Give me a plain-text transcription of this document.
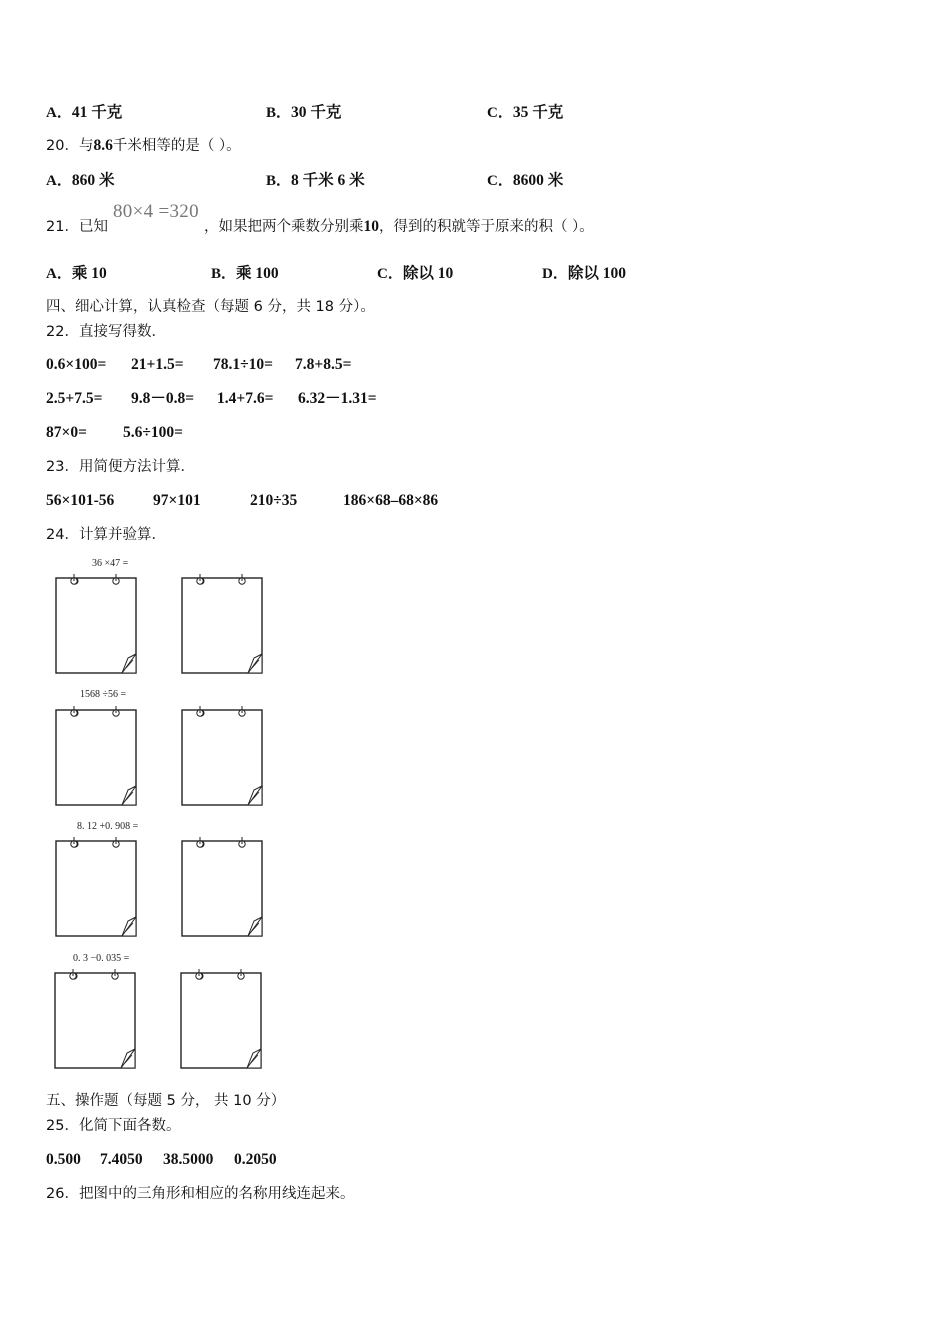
A．41 千克	B．30 千克	C．35 千克
20．与8.6千米相等的是（ ）。
A．860 米	B．8 千米 6 米	C．8600 米
80×4 =320
21．已知	，如果把两个乘数分别乘10，得到的积就等于原来的积（ ）。
A．乘 10	B．乘 100	C．除以 10	D．除以 100
四、细心计算，认真检查（每题 6 分，共 18 分）。
22．直接写得数．
0.6×100= 21+1.5= 78.1÷10= 7.8+8.5=
2.5+7.5= 9.8－0.8= 1.4+7.6= 6.32－1.31=
87×0= 5.6÷100=
23．用简便方法计算．
56×101-56	97×101	210÷35	186×68–68×86
24．计算并验算．
36 ×47 =
1568 ÷56 =
8. 12 +0. 908 =
0. 3 −0. 035 =
五、操作题（每题 5 分， 共 10 分）
25．化简下面各数。
0.500 7.4050 38.5000 0.2050
26．把图中的三角形和相应的名称用线连起来。
